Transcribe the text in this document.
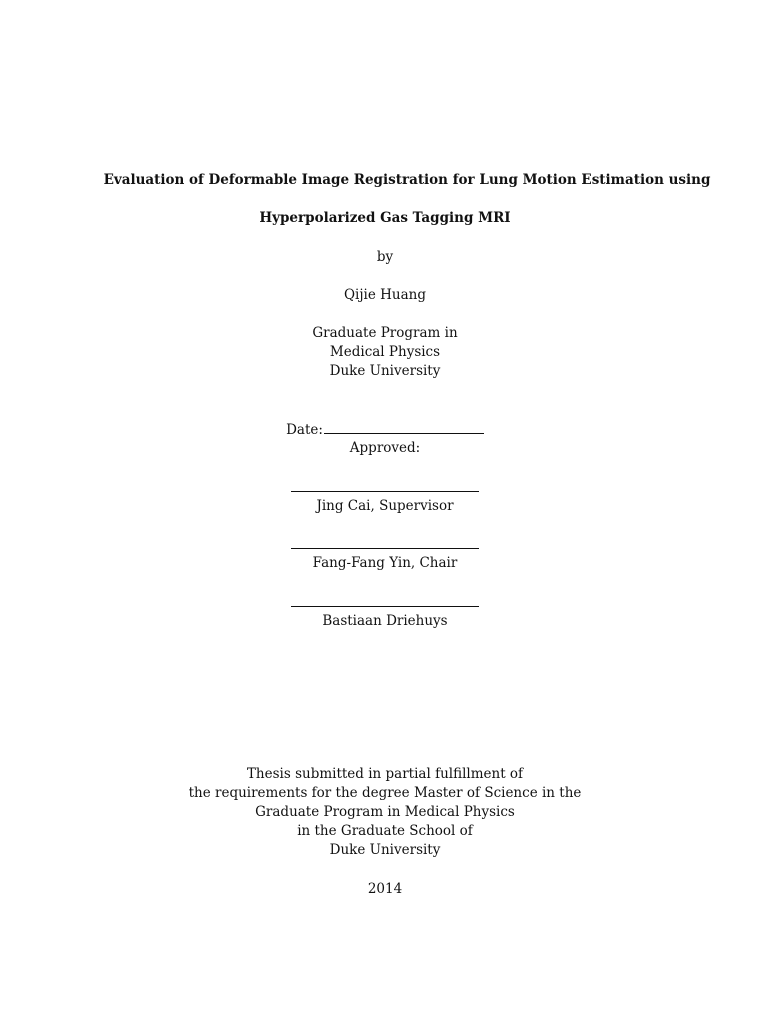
Evaluation of Deformable Image Registration for Lung Motion Estimation using

Hyperpolarized Gas Tagging MRI

by

Qijie Huang

Graduate Program in

Medical Physics

Duke University

Date:

Approved:

Jing Cai, Supervisor

Fang-Fang Yin, Chair

Bastiaan Driehuys

Thesis submitted in partial fulfillment of

the requirements for the degree Master of Science in the

Graduate Program in Medical Physics

in the Graduate School of

Duke University

2014
